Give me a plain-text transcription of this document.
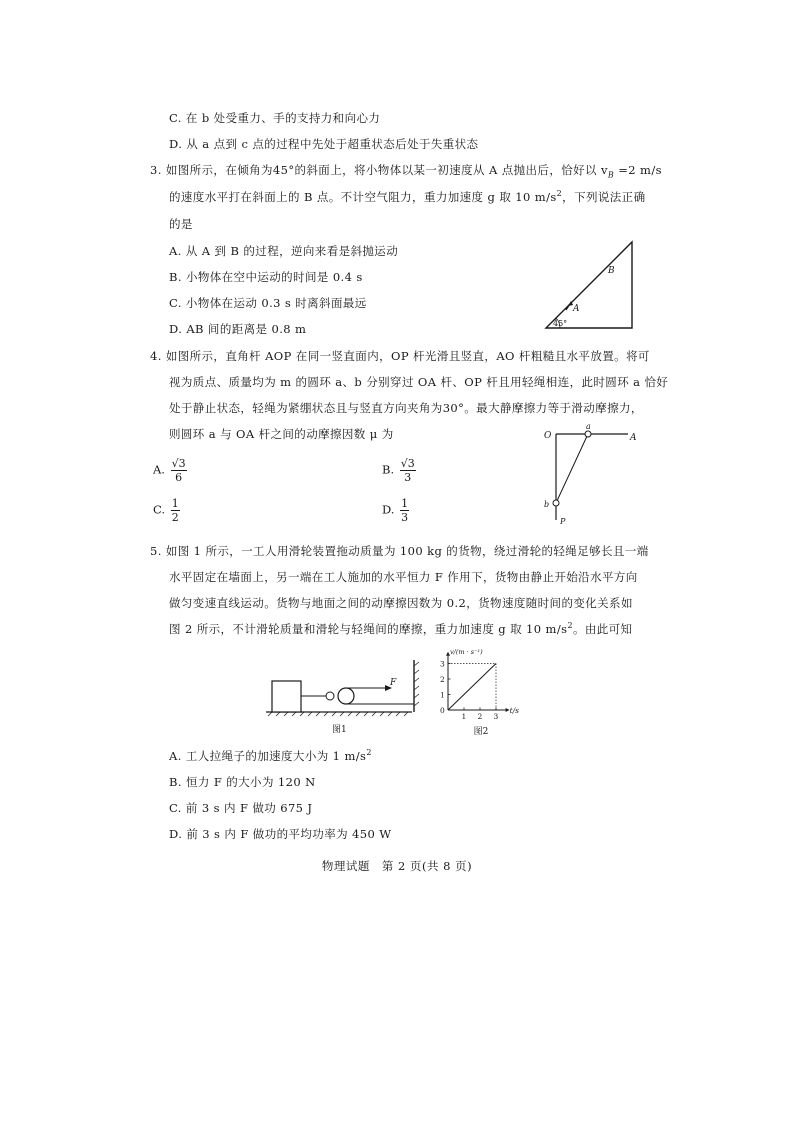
C. 在 b 处受重力、手的支持力和向心力
D. 从 a 点到 c 点的过程中先处于超重状态后处于失重状态
3. 如图所示，在倾角为45°的斜面上，将小物体以某一初速度从 A 点抛出后，恰好以 $v_B =2$ m/s
的速度水平打在斜面上的 B 点。不计空气阻力，重力加速度 g 取 10 $m/s^2$，下列说法正确
的是
A. 从 A 到 B 的过程，逆向来看是斜抛运动
B. 小物体在空中运动的时间是 0.4 s
C. 小物体在运动 0.3 s 时离斜面最远
D. AB 间的距离是 0.8 m
B
A
45°
4. 如图所示，直角杆 AOP 在同一竖直面内，OP 杆光滑且竖直，AO 杆粗糙且水平放置。将可
视为质点、质量均为 m 的圆环 a、b 分别穿过 OA 杆、OP 杆且用轻绳相连，此时圆环 a 恰好
处于静止状态，轻绳为紧绷状态且与竖直方向夹角为30°。最大静摩擦力等于滑动摩擦力，
则圆环 a 与 OA 杆之间的动摩擦因数 μ 为
A. $\frac{√3}{6}$	B. $\frac{√3}{3}$
C. $\frac{1}{2}$	D. $\frac{1}{3}$
O
a
A
b
P
5. 如图 1 所示，一工人用滑轮装置拖动质量为 100 kg 的货物，绕过滑轮的轻绳足够长且一端
水平固定在墙面上，另一端在工人施加的水平恒力 F 作用下，货物由静止开始沿水平方向
做匀变速直线运动。货物与地面之间的动摩擦因数为 0.2，货物速度随时间的变化关系如
图 2 所示，不计滑轮质量和滑轮与轻绳间的摩擦，重力加速度 g 取 10 $m/s^2$。由此可知
F
图1
1 2 3
1
2
3
0
v/(m · s⁻¹)
t/s
图2
A. 工人拉绳子的加速度大小为 1 $m/s^2$
B. 恒力 F 的大小为 120 N
C. 前 3 s 内 F 做功 675 J
D. 前 3 s 内 F 做功的平均功率为 450 W
物理试题　第 2 页(共 8 页)
